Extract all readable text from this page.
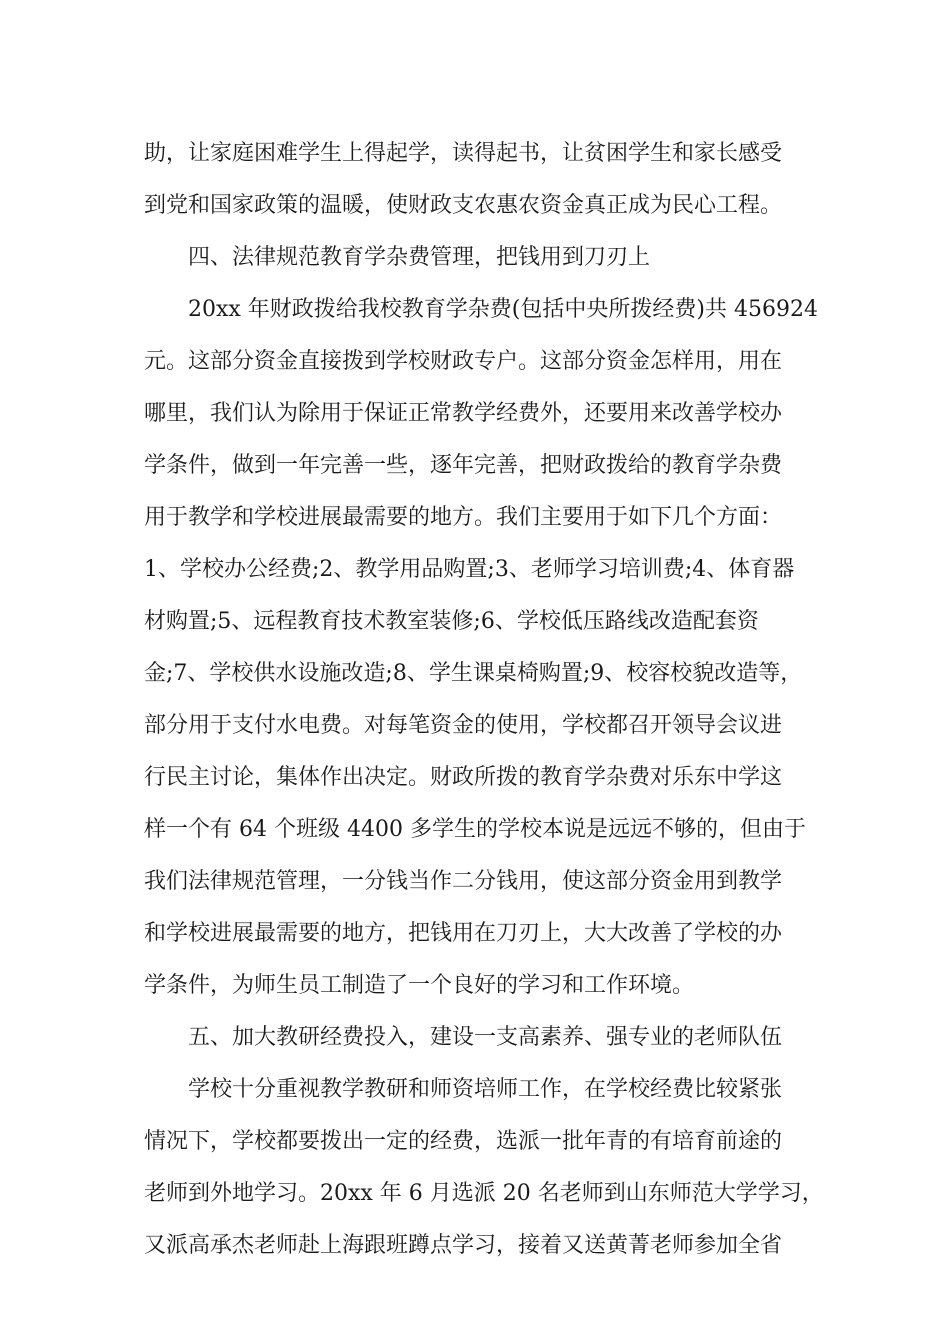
助，让家庭困难学生上得起学，读得起书，让贫困学生和家长感受
到党和国家政策的温暖，使财政支农惠农资金真正成为民心工程。
四、法律规范教育学杂费管理，把钱用到刀刃上
20xx 年财政拨给我校教育学杂费(包括中央所拨经费)共 456924
元。这部分资金直接拨到学校财政专户。这部分资金怎样用，用在
哪里，我们认为除用于保证正常教学经费外，还要用来改善学校办
学条件，做到一年完善一些，逐年完善，把财政拨给的教育学杂费
用于教学和学校进展最需要的地方。我们主要用于如下几个方面：
1、学校办公经费;2、教学用品购置;3、老师学习培训费;4、体育器
材购置;5、远程教育技术教室装修;6、学校低压路线改造配套资
金;7、学校供水设施改造;8、学生课桌椅购置;9、校容校貌改造等，
部分用于支付水电费。对每笔资金的使用，学校都召开领导会议进
行民主讨论，集体作出决定。财政所拨的教育学杂费对乐东中学这
样一个有 64 个班级 4400 多学生的学校本说是远远不够的，但由于
我们法律规范管理，一分钱当作二分钱用，使这部分资金用到教学
和学校进展最需要的地方，把钱用在刀刃上，大大改善了学校的办
学条件，为师生员工制造了一个良好的学习和工作环境。
五、加大教研经费投入，建设一支高素养、强专业的老师队伍
学校十分重视教学教研和师资培师工作，在学校经费比较紧张
情况下，学校都要拨出一定的经费，选派一批年青的有培育前途的
老师到外地学习。20xx 年 6 月选派 20 名老师到山东师范大学学习，
又派高承杰老师赴上海跟班蹲点学习，接着又送黄菁老师参加全省
